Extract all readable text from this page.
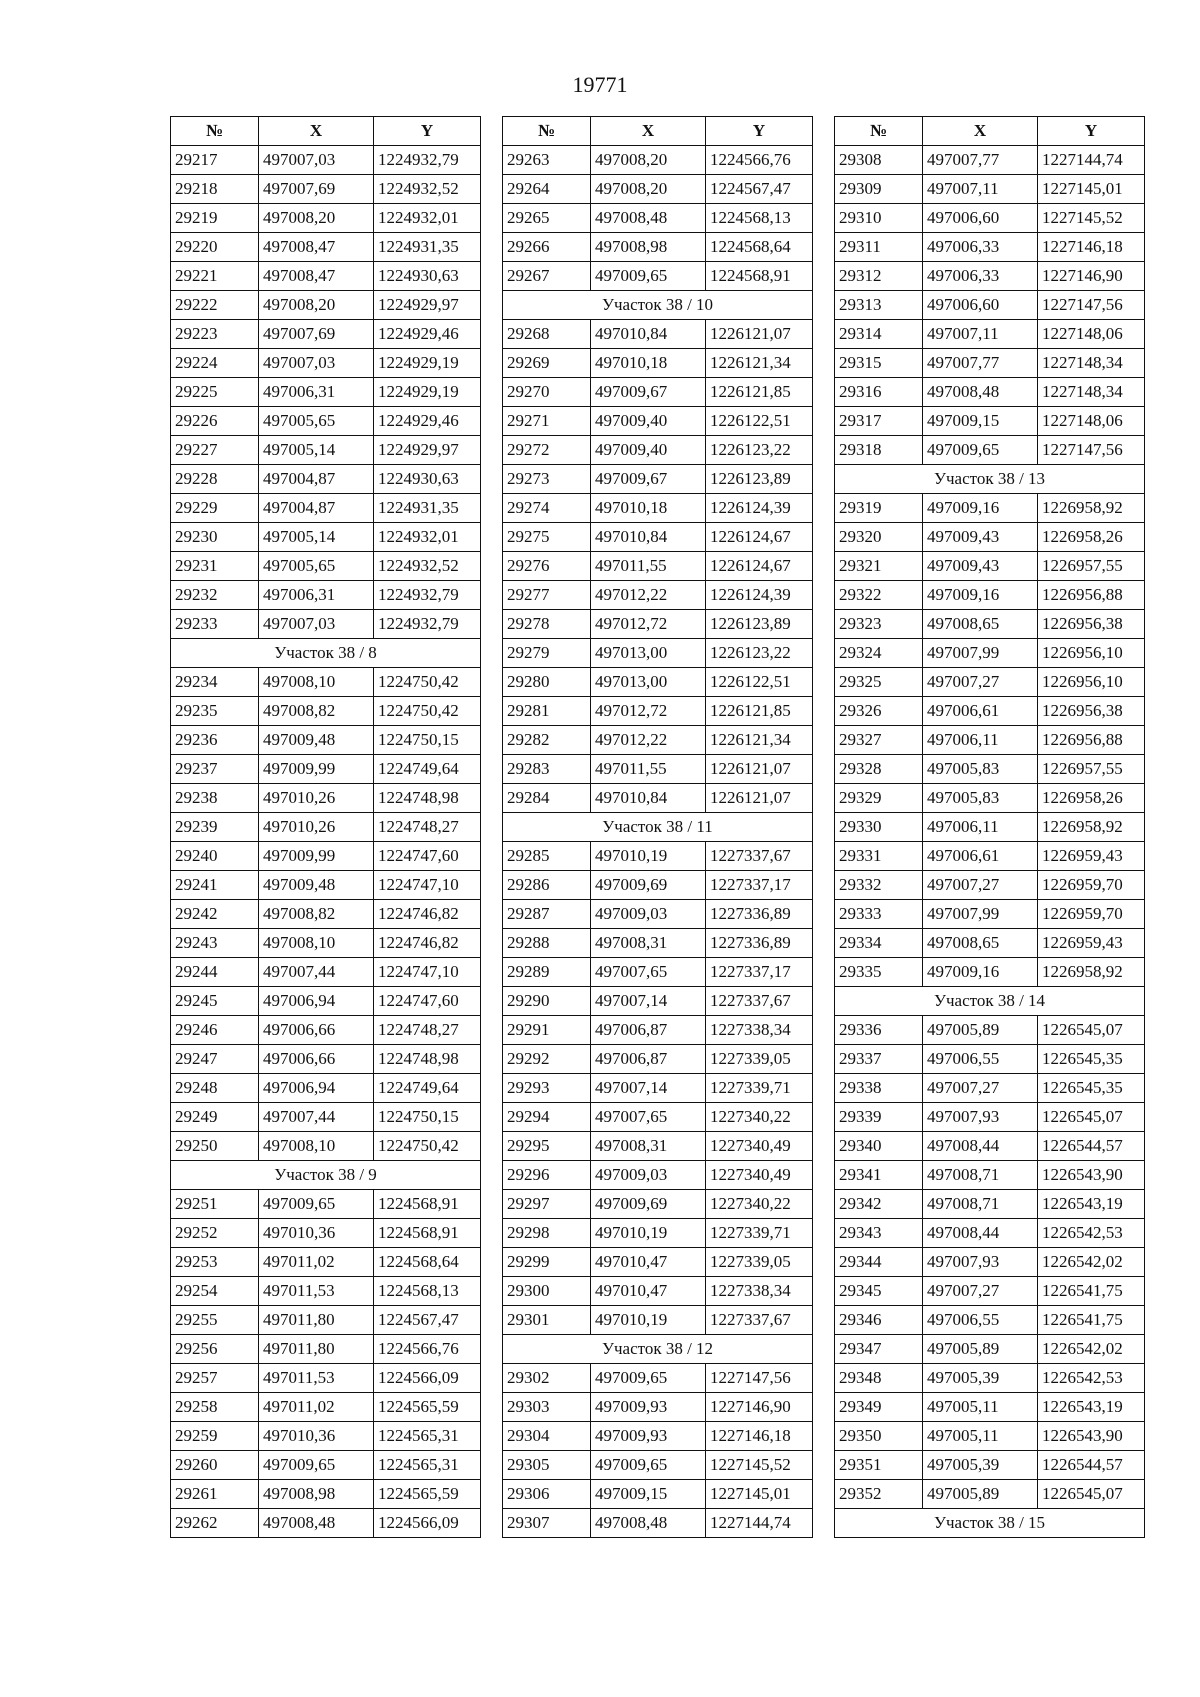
19771
№	X	Y
29217	497007,03	1224932,79
29218	497007,69	1224932,52
29219	497008,20	1224932,01
29220	497008,47	1224931,35
29221	497008,47	1224930,63
29222	497008,20	1224929,97
29223	497007,69	1224929,46
29224	497007,03	1224929,19
29225	497006,31	1224929,19
29226	497005,65	1224929,46
29227	497005,14	1224929,97
29228	497004,87	1224930,63
29229	497004,87	1224931,35
29230	497005,14	1224932,01
29231	497005,65	1224932,52
29232	497006,31	1224932,79
29233	497007,03	1224932,79
Участок 38 / 8		
29234	497008,10	1224750,42
29235	497008,82	1224750,42
29236	497009,48	1224750,15
29237	497009,99	1224749,64
29238	497010,26	1224748,98
29239	497010,26	1224748,27
29240	497009,99	1224747,60
29241	497009,48	1224747,10
29242	497008,82	1224746,82
29243	497008,10	1224746,82
29244	497007,44	1224747,10
29245	497006,94	1224747,60
29246	497006,66	1224748,27
29247	497006,66	1224748,98
29248	497006,94	1224749,64
29249	497007,44	1224750,15
29250	497008,10	1224750,42
Участок 38 / 9		
29251	497009,65	1224568,91
29252	497010,36	1224568,91
29253	497011,02	1224568,64
29254	497011,53	1224568,13
29255	497011,80	1224567,47
29256	497011,80	1224566,76
29257	497011,53	1224566,09
29258	497011,02	1224565,59
29259	497010,36	1224565,31
29260	497009,65	1224565,31
29261	497008,98	1224565,59
29262	497008,48	1224566,09
№	X	Y
29263	497008,20	1224566,76
29264	497008,20	1224567,47
29265	497008,48	1224568,13
29266	497008,98	1224568,64
29267	497009,65	1224568,91
Участок 38 / 10		
29268	497010,84	1226121,07
29269	497010,18	1226121,34
29270	497009,67	1226121,85
29271	497009,40	1226122,51
29272	497009,40	1226123,22
29273	497009,67	1226123,89
29274	497010,18	1226124,39
29275	497010,84	1226124,67
29276	497011,55	1226124,67
29277	497012,22	1226124,39
29278	497012,72	1226123,89
29279	497013,00	1226123,22
29280	497013,00	1226122,51
29281	497012,72	1226121,85
29282	497012,22	1226121,34
29283	497011,55	1226121,07
29284	497010,84	1226121,07
Участок 38 / 11		
29285	497010,19	1227337,67
29286	497009,69	1227337,17
29287	497009,03	1227336,89
29288	497008,31	1227336,89
29289	497007,65	1227337,17
29290	497007,14	1227337,67
29291	497006,87	1227338,34
29292	497006,87	1227339,05
29293	497007,14	1227339,71
29294	497007,65	1227340,22
29295	497008,31	1227340,49
29296	497009,03	1227340,49
29297	497009,69	1227340,22
29298	497010,19	1227339,71
29299	497010,47	1227339,05
29300	497010,47	1227338,34
29301	497010,19	1227337,67
Участок 38 / 12		
29302	497009,65	1227147,56
29303	497009,93	1227146,90
29304	497009,93	1227146,18
29305	497009,65	1227145,52
29306	497009,15	1227145,01
29307	497008,48	1227144,74
№	X	Y
29308	497007,77	1227144,74
29309	497007,11	1227145,01
29310	497006,60	1227145,52
29311	497006,33	1227146,18
29312	497006,33	1227146,90
29313	497006,60	1227147,56
29314	497007,11	1227148,06
29315	497007,77	1227148,34
29316	497008,48	1227148,34
29317	497009,15	1227148,06
29318	497009,65	1227147,56
Участок 38 / 13		
29319	497009,16	1226958,92
29320	497009,43	1226958,26
29321	497009,43	1226957,55
29322	497009,16	1226956,88
29323	497008,65	1226956,38
29324	497007,99	1226956,10
29325	497007,27	1226956,10
29326	497006,61	1226956,38
29327	497006,11	1226956,88
29328	497005,83	1226957,55
29329	497005,83	1226958,26
29330	497006,11	1226958,92
29331	497006,61	1226959,43
29332	497007,27	1226959,70
29333	497007,99	1226959,70
29334	497008,65	1226959,43
29335	497009,16	1226958,92
Участок 38 / 14		
29336	497005,89	1226545,07
29337	497006,55	1226545,35
29338	497007,27	1226545,35
29339	497007,93	1226545,07
29340	497008,44	1226544,57
29341	497008,71	1226543,90
29342	497008,71	1226543,19
29343	497008,44	1226542,53
29344	497007,93	1226542,02
29345	497007,27	1226541,75
29346	497006,55	1226541,75
29347	497005,89	1226542,02
29348	497005,39	1226542,53
29349	497005,11	1226543,19
29350	497005,11	1226543,90
29351	497005,39	1226544,57
29352	497005,89	1226545,07
Участок 38 / 15		
